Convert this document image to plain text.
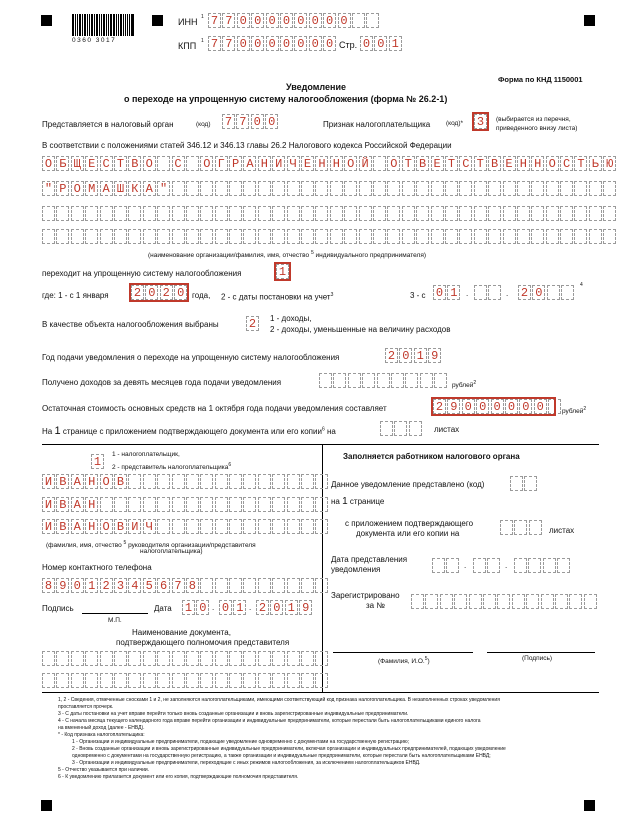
0360 3017
ИНН 1 7 7 0 0 0 0 0 0 0 0
КПП 1 7 7 0 0 0 0 0 0 0 Стр. 0 0 1
Форма по КНД 1150001
Уведомление
о переходе на упрощенную систему налогообложения (форма № 26.2-1)
Представляется в налоговый орган	(код) 7 7 0 0	Признак налогоплательщика (код)* 3	(выбирается из перечня,
приведенного внизу листа)
В соответствии с положениями статей 346.12 и 346.13 главы 26.2 Налогового кодекса Российской Федерации
О Б Щ Е С Т В О С О Г Р А Н И Ч Е Н Н О Й О Т В Е Т С Т В Е Н Н О С Т Ь Ю
" Р О М А Ш К А "
(наименование организации/фамилия, имя, отчество $^5$ индивидуального предпринимателя)
переходит на упрощенную систему налогообложения	1
где: 1 - с 1 января 2 0 2 0 года, 2 - с даты постановки на учет$^3$	3 - с 0 1	.	. 2 0
4
В качестве объекта налогообложения выбраны	2	1 - доходы,
2 - доходы, уменьшенные на величину расходов
Год подачи уведомления о переходе на упрощенную систему налогообложения	2 0 1 9
Получено доходов за девять месяцев года подачи уведомления	рублей$^2$
Остаточная стоимость основных средств на 1 октября года подачи уведомления составляет	2 9 0 0 0 0 0 0	рублей$^2$
На 1 странице с приложением подтверждающего документа или его копии$^6$ на	листах
1
1 - налогоплательщик,
2 - представитель налогоплательщика$^6$
И В А Н О В
И В А Н
И В А Н О В И Ч
(фамилия, имя, отчество $^5$ руководителя организации/представителя
налогоплательщика)
Номер контактного телефона
8 9 0 1 2 3 4 5 6 7 8
Подпись	Дата 1 0 . 0 1 . 2 0 1 9
М.П.
Наименование документа,
подтверждающего полномочия представителя
Заполняется работником налогового органа
Данное уведомление представлено (код)
на 1 странице
с приложением подтверждающего
документа или его копии на	листах
Дата представления
уведомления	.	.
Зарегистрировано
за №
(Фамилия, И.О.$^5$)	(Подпись)
1, 2 - Сведения, отмеченные сносками 1 и 2, не заполняются налогоплательщиками, имеющими соответствующий код признака налогоплательщика. В незаполненных строках уведомления
проставляется прочерк.
3 - С даты постановки на учет вправе перейти только вновь созданные организации и вновь зарегистрированные индивидуальные предприниматели.
4 - С начала месяца текущего календарного года вправе перейти организации и индивидуальные предприниматели, которые перестали быть налогоплательщиками единого налога
на вмененный доход (далее - ЕНВД).
* - Код признака налогоплательщика:
1 - Организации и индивидуальные предприниматели, подающие уведомление одновременно с документами на государственную регистрацию;
2 - Вновь созданные организации и вновь зарегистрированные индивидуальные предприниматели, включая организации и индивидуальных предпринимателей, подающих уведомление
одновременно с документами на государственную регистрацию, а также организации и индивидуальные предприниматели, которые перестали быть налогоплательщиками ЕНВД;
3 - Организации и индивидуальные предприниматели, переходящие с иных режимов налогообложения, за исключением налогоплательщиков ЕНВД.
5 - Отчество указывается при наличии.
6 - К уведомлению прилагается документ или его копия, подтверждающие полномочия представителя.
